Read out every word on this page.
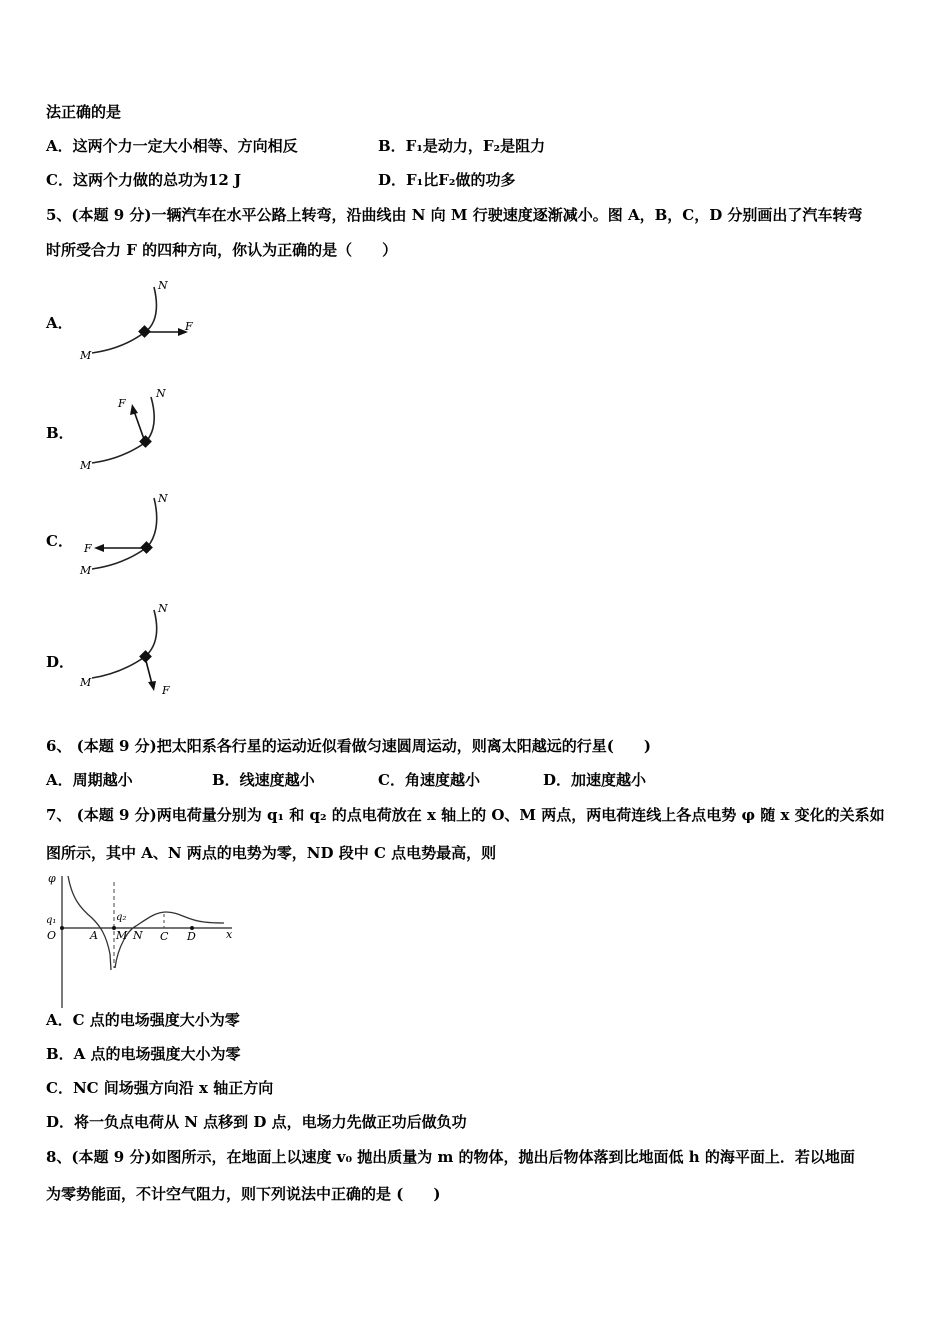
法正确的是
A．这两个力一定大小相等、方向相反	B．F₁是动力，F₂是阻力
C．这两个力做的总功为12 J	D．F₁比F₂做的功多
5、(本题 9 分)一辆汽车在水平公路上转弯，沿曲线由 N 向 M 行驶速度逐渐减小。图 A，B，C，D 分别画出了汽车转弯
时所受合力 F 的四种方向，你认为正确的是（　　）
A．
N
M
F
B．
N
M
F
C．
N
M
F
D．
N
M
F
6、 (本题 9 分)把太阳系各行星的运动近似看做匀速圆周运动，则离太阳越远的行星(　　)
A．周期越小	B．线速度越小	C．角速度越小	D．加速度越小
7、 (本题 9 分)两电荷量分别为 q₁ 和 q₂ 的点电荷放在 x 轴上的 O、M 两点，两电荷连线上各点电势 φ 随 x 变化的关系如
图所示，其中 A、N 两点的电势为零，ND 段中 C 点电势最高，则
φ
q₁	q₂
O	A M N C D	x
A．C 点的电场强度大小为零
B．A 点的电场强度大小为零
C．NC 间场强方向沿 x 轴正方向
D．将一负点电荷从 N 点移到 D 点，电场力先做正功后做负功
8、(本题 9 分)如图所示，在地面上以速度 v₀ 抛出质量为 m 的物体，抛出后物体落到比地面低 h 的海平面上．若以地面
为零势能面，不计空气阻力，则下列说法中正确的是 (　　)
